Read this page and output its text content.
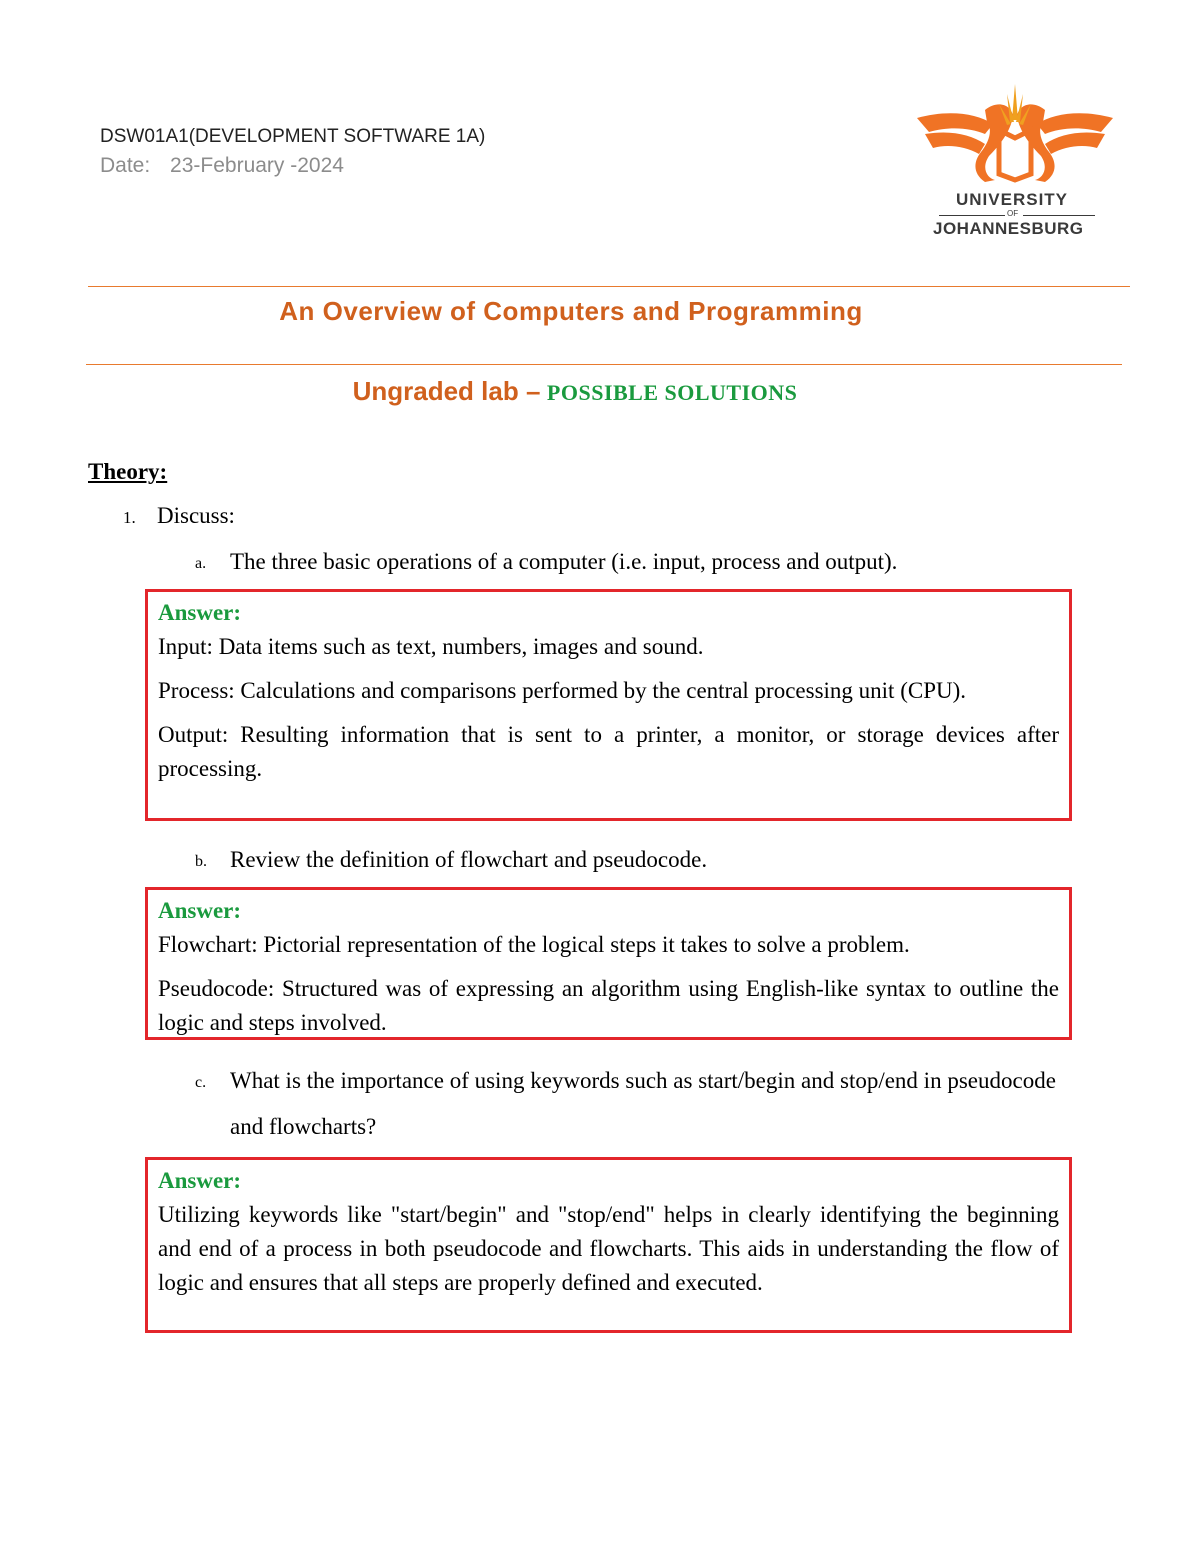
DSW01A1(DEVELOPMENT SOFTWARE 1A)
Date: 23-February -2024
UNIVERSITY
OF
JOHANNESBURG
An Overview of Computers and Programming
Ungraded lab – POSSIBLE SOLUTIONS
Theory:
1. Discuss:
a. The three basic operations of a computer (i.e. input, process and output).
Answer:

Input: Data items such as text, numbers, images and sound.

Process: Calculations and comparisons performed by the central processing unit (CPU).

Output: Resulting information that is sent to a printer, a monitor, or storage devices after processing.

b. Review the definition of flowchart and pseudocode.
Answer:

Flowchart: Pictorial representation of the logical steps it takes to solve a problem.

Pseudocode: Structured was of expressing an algorithm using English-like syntax to outline the logic and steps involved.

c. What is the importance of using keywords such as start/begin and stop/end in pseudocode and flowcharts?
Answer:

Utilizing keywords like "start/begin" and "stop/end" helps in clearly identifying the beginning and end of a process in both pseudocode and flowcharts. This aids in understanding the flow of logic and ensures that all steps are properly defined and executed.
